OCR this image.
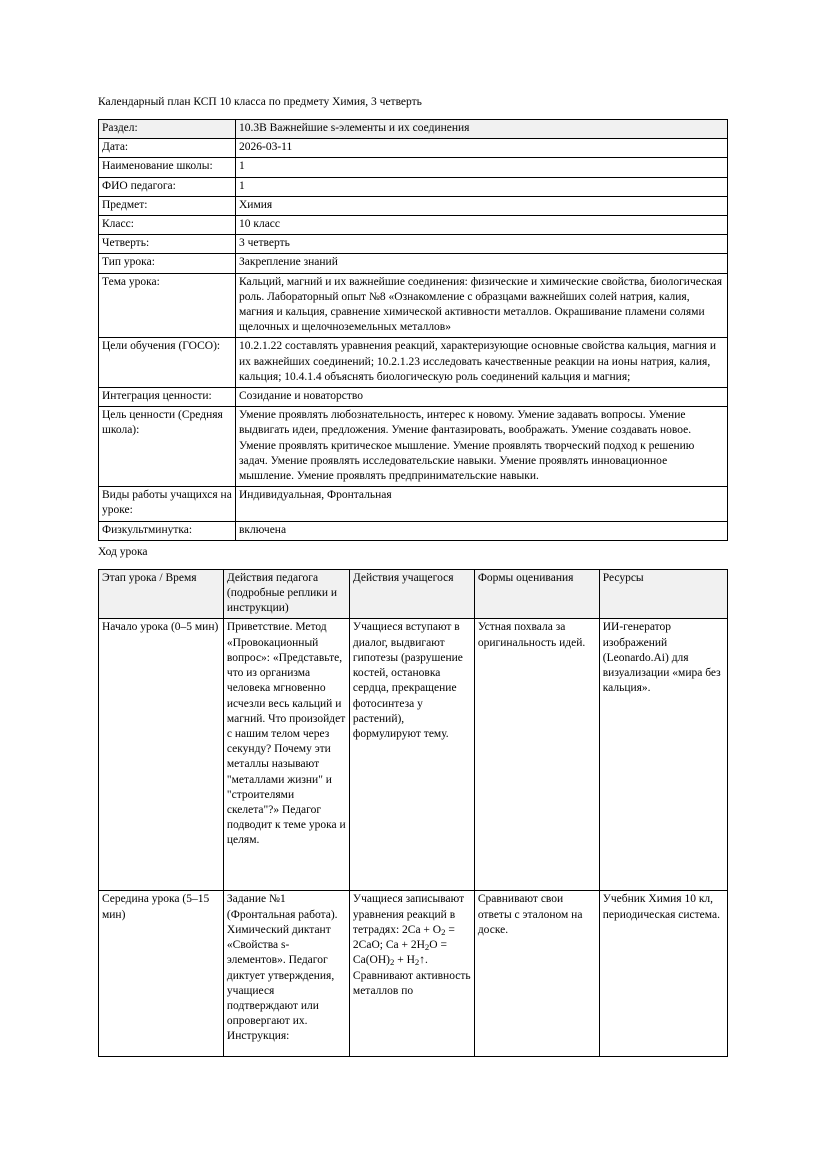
Календарный план КСП 10 класса по предмету Химия, 3 четверть
Раздел:	10.3В Важнейшие s-элементы и их соединения
Дата:	2026-03-11
Наименование школы:	1
ФИО педагога:	1
Предмет:	Химия
Класс:	10 класс
Четверть:	3 четверть
Тип урока:	Закрепление знаний
Тема урока:	Кальций, магний и их важнейшие соединения: физические и химические свойства, биологическая роль. Лабораторный опыт №8 «Ознакомление с образцами важнейших солей натрия, калия, магния и кальция, сравнение химической активности металлов. Окрашивание пламени солями щелочных и щелочноземельных металлов»
Цели обучения (ГОСО):	10.2.1.22 составлять уравнения реакций, характеризующие основные свойства кальция, магния и их важнейших соединений; 10.2.1.23 исследовать качественные реакции на ионы натрия, калия, кальция; 10.4.1.4 объяснять биологическую роль соединений кальция и магния;
Интеграция ценности:	Созидание и новаторство
Цель ценности (Средняя школа):	Умение проявлять любознательность, интерес к новому. Умение задавать вопросы. Умение выдвигать идеи, предложения. Умение фантазировать, воображать. Умение создавать новое. Умение проявлять критическое мышление. Умение проявлять творческий подход к решению задач. Умение проявлять исследовательские навыки. Умение проявлять инновационное мышление. Умение проявлять предпринимательские навыки.
Виды работы учащихся на уроке:	Индивидуальная, Фронтальная
Физкультминутка:	включена
Ход урока
Этап урока / Время	Действия педагога (подробные реплики и инструкции)	Действия учащегося	Формы оценивания	Ресурсы
Начало урока (0–5 мин)	Приветствие. Метод «Провокационный вопрос»: «Представьте, что из организма человека мгновенно исчезли весь кальций и магний. Что произойдет с нашим телом через секунду? Почему эти металлы называют "металлами жизни" и "строителями скелета"?» Педагог подводит к теме урока и целям.	Учащиеся вступают в диалог, выдвигают гипотезы (разрушение костей, остановка сердца, прекращение фотосинтеза у растений), формулируют тему.	Устная похвала за оригинальность идей.	ИИ-генератор изображений (Leonardo.Ai) для визуализации «мира без кальция».
Середина урока (5–15 мин)	Задание №1 (Фронтальная работа). Химический диктант «Свойства s-элементов». Педагог диктует утверждения, учащиеся подтверждают или опровергают их. Инструкция:	Учащиеся записывают уравнения реакций в тетрадях: $2Ca + O_2 = 2CaO$; $Ca + 2H_2O = Ca(OH)_2$ + $H_2↑$. Сравнивают активность металлов по	Сравнивают свои ответы с эталоном на доске.	Учебник Химия 10 кл, периодическая система.
